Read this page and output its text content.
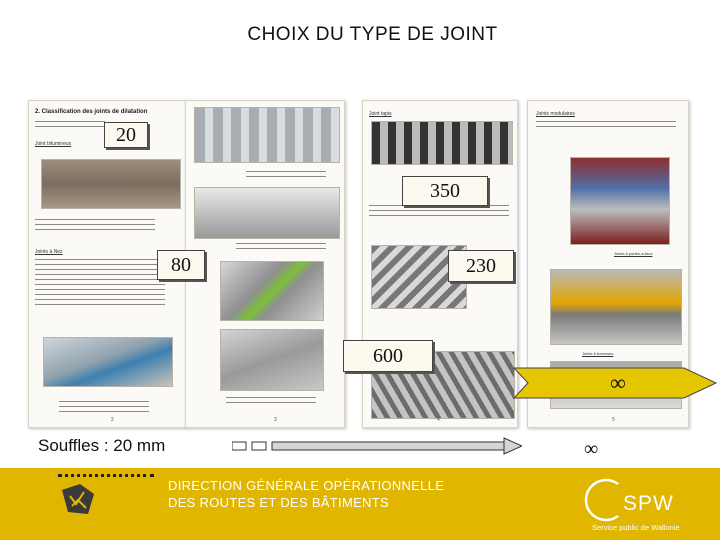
CHOIX DU TYPE DE JOINT
2. Classification des joints de dilatation
Joint bitumineux
Joints à Nez
2	3
Joint tapis
4
Joints modulaires
Joints à portes-à-faux
Joints à traverses
5
20
350
80	230
600
∞
Souffles : 20 mm	∞
DIRECTION GÉNÉRALE OPÉRATIONNELLE
DES ROUTES ET DES BÂTIMENTS	SPW
Service public de Wallonie
